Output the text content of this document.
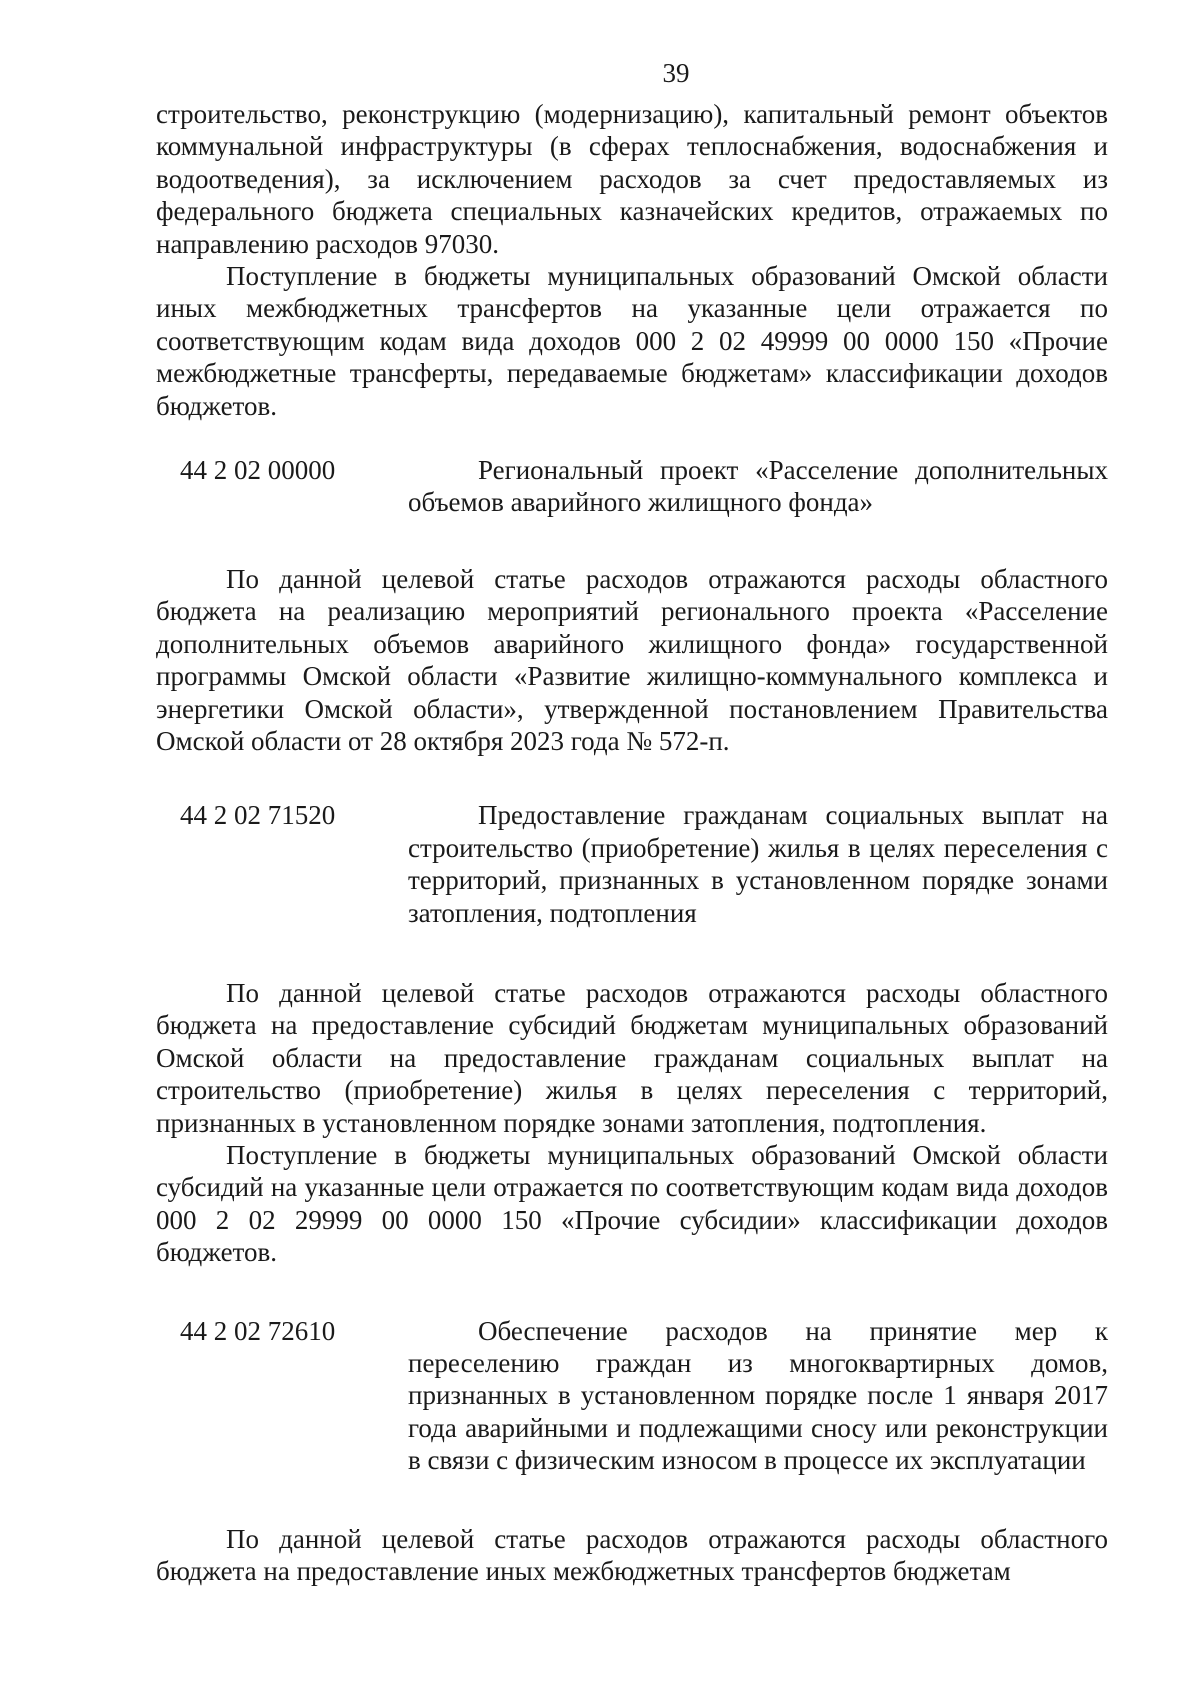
39

строительство, реконструкцию (модернизацию), капитальный ремонт объектов коммунальной инфраструктуры (в сферах теплоснабжения, водоснабжения и водоотведения), за исключением расходов за счет предоставляемых из федерального бюджета специальных казначейских кредитов, отражаемых по направлению расходов 97030.

Поступление в бюджеты муниципальных образований Омской области иных межбюджетных трансфертов на указанные цели отражается по соответствующим кодам вида доходов 000 2 02 49999 00 0000 150 «Прочие межбюджетные трансферты, передаваемые бюджетам» классификации доходов бюджетов.

44 2 02 00000	Региональный проект «Расселение дополнительных объемов аварийного жилищного фонда»

По данной целевой статье расходов отражаются расходы областного бюджета на реализацию мероприятий регионального проекта «Расселение дополнительных объемов аварийного жилищного фонда» государственной программы Омской области «Развитие жилищно-коммунального комплекса и энергетики Омской области», утвержденной постановлением Правительства Омской области от 28 октября 2023 года № 572-п.

44 2 02 71520	Предоставление гражданам социальных выплат на строительство (приобретение) жилья в целях переселения с территорий, признанных в установленном порядке зонами затопления, подтопления

По данной целевой статье расходов отражаются расходы областного бюджета на предоставление субсидий бюджетам муниципальных образований Омской области на предоставление гражданам социальных выплат на строительство (приобретение) жилья в целях переселения с территорий, признанных в установленном порядке зонами затопления, подтопления.

Поступление в бюджеты муниципальных образований Омской области субсидий на указанные цели отражается по соответствующим кодам вида доходов 000 2 02 29999 00 0000 150 «Прочие субсидии» классификации доходов бюджетов.

44 2 02 72610	Обеспечение расходов на принятие мер к переселению граждан из многоквартирных домов, признанных в установленном порядке после 1 января 2017 года аварийными и подлежащими сносу или реконструкции в связи с физическим износом в процессе их эксплуатации

По данной целевой статье расходов отражаются расходы областного бюджета на предоставление иных межбюджетных трансфертов бюджетам
